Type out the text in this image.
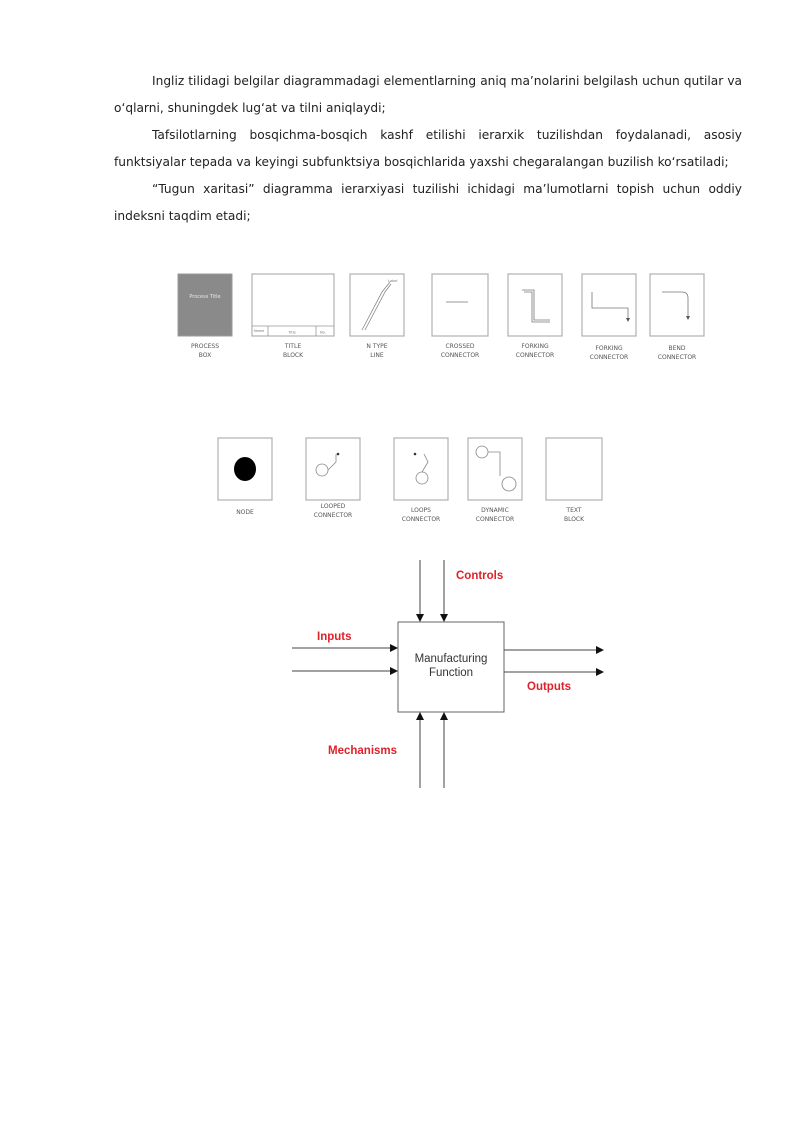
Ingliz tilidagi belgilar diagrammadagi elementlarning aniq ma’nolarini belgilash uchun qutilar va o‘qlarni, shuningdek lug‘at va tilni aniqlaydi;

Tafsilotlarning bosqichma-bosqich kashf etilishi ierarxik tuzilishdan foydalanadi, asosiy funktsiyalar tepada va keyingi subfunktsiya bosqichlarida yaxshi chegaralangan buzilish ko‘rsatiladi;

“Tugun xaritasi” diagramma ierarxiyasi tuzilishi ichidagi ma’lumotlarni topish uchun oddiy indeksni taqdim etadi;

Process Title
PROCESS
BOX
Name	Title	No.
TITLE
BLOCK
Label
N TYPE
LINE
CROSSED
CONNECTOR
FORKING
CONNECTOR
FORKING
CONNECTOR
BEND
CONNECTOR
NODE
LOOPED
CONNECTOR
LOOPS
CONNECTOR
DYNAMIC
CONNECTOR
TEXT
BLOCK
Controls
Manufacturing
Function
Inputs
Outputs
Mechanisms
